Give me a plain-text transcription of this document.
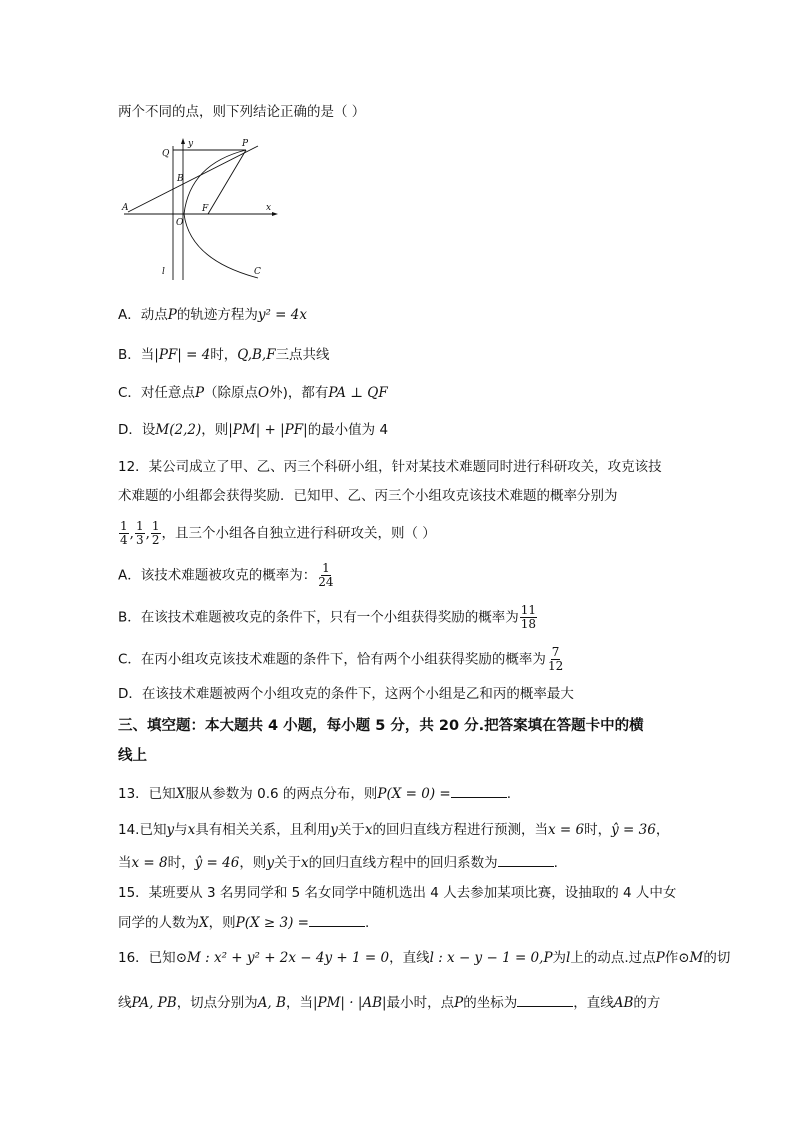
两个不同的点，则下列结论正确的是（ ）
Q
y	P
B
A
O
F	x
l	C
A．动点P的轨迹方程为y² = 4x
B．当|PF| = 4时，Q,B,F三点共线
C．对任意点P（除原点O外)，都有PA ⊥ QF
D．设M(2,2)，则|PM| + |PF|的最小值为 4
12．某公司成立了甲、乙、丙三个科研小组，针对某技术难题同时进行科研攻关，攻克该技
术难题的小组都会获得奖励．已知甲、乙、丙三个小组攻克该技术难题的概率分别为
$\frac{1}{4}$ , $\frac{1}{3}$ , $\frac{1}{2}$ ，且三个小组各自独立进行科研攻关，则（ ）
A．该技术难题被攻克的概率为： $\frac{1}{24}$
B．在该技术难题被攻克的条件下，只有一个小组获得奖励的概率为 $\frac{11}{18}$
C．在丙小组攻克该技术难题的条件下，恰有两个小组获得奖励的概率为 $\frac{7}{12}$
D．在该技术难题被两个小组攻克的条件下，这两个小组是乙和丙的概率最大
三、填空题：本大题共 4 小题，每小题 5 分，共 20 分.把答案填在答题卡中的横
线上
13．已知X服从参数为 0.6 的两点分布，则P(X = 0) =	.
14.已知y与x具有相关关系，且利用y关于x的回归直线方程进行预测，当x = 6时，ŷ = 36，
当x = 8时，ŷ = 46，则y关于x的回归直线方程中的回归系数为	.
15．某班要从 3 名男同学和 5 名女同学中随机选出 4 人去参加某项比赛，设抽取的 4 人中女
同学的人数为X，则P(X ≥ 3) =	.
16．已知⊙M : x² + y² + 2x − 4y + 1 = 0，直线l : x − y − 1 = 0,P为l上的动点.过点P作⊙M的切
线PA, PB，切点分别为A, B，当|PM| · |AB|最小时，点P的坐标为	，直线AB的方
